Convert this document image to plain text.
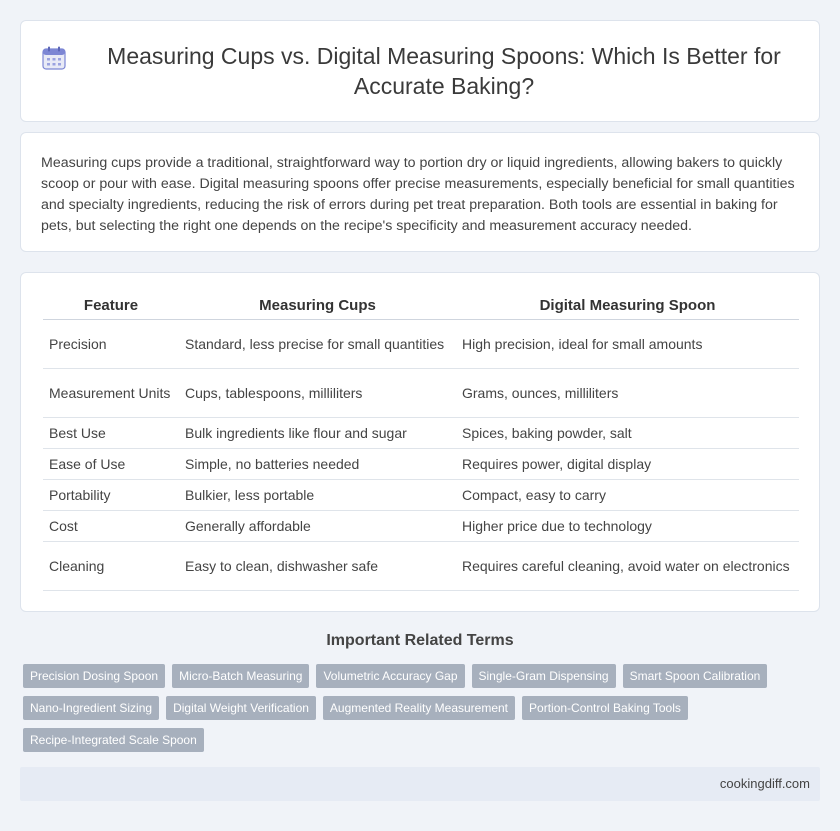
Measuring Cups vs. Digital Measuring Spoons: Which Is Better for Accurate Baking?

Measuring cups provide a traditional, straightforward way to portion dry or liquid ingredients, allowing bakers to quickly scoop or pour with ease. Digital measuring spoons offer precise measurements, especially beneficial for small quantities and specialty ingredients, reducing the risk of errors during pet treat preparation. Both tools are essential in baking for pets, but selecting the right one depends on the recipe's specificity and measurement accuracy needed.

Feature	Measuring Cups	Digital Measuring Spoon
Precision	Standard, less precise for small quantities	High precision, ideal for small amounts
Measurement Units	Cups, tablespoons, milliliters	Grams, ounces, milliliters
Best Use	Bulk ingredients like flour and sugar	Spices, baking powder, salt
Ease of Use	Simple, no batteries needed	Requires power, digital display
Portability	Bulkier, less portable	Compact, easy to carry
Cost	Generally affordable	Higher price due to technology
Cleaning	Easy to clean, dishwasher safe	Requires careful cleaning, avoid water on electronics
Important Related Terms
Precision Dosing Spoon	Micro-Batch Measuring	Volumetric Accuracy Gap	Single-Gram Dispensing	Smart Spoon Calibration
Nano-Ingredient Sizing	Digital Weight Verification	Augmented Reality Measurement	Portion-Control Baking Tools
Recipe-Integrated Scale Spoon
cookingdiff.com
